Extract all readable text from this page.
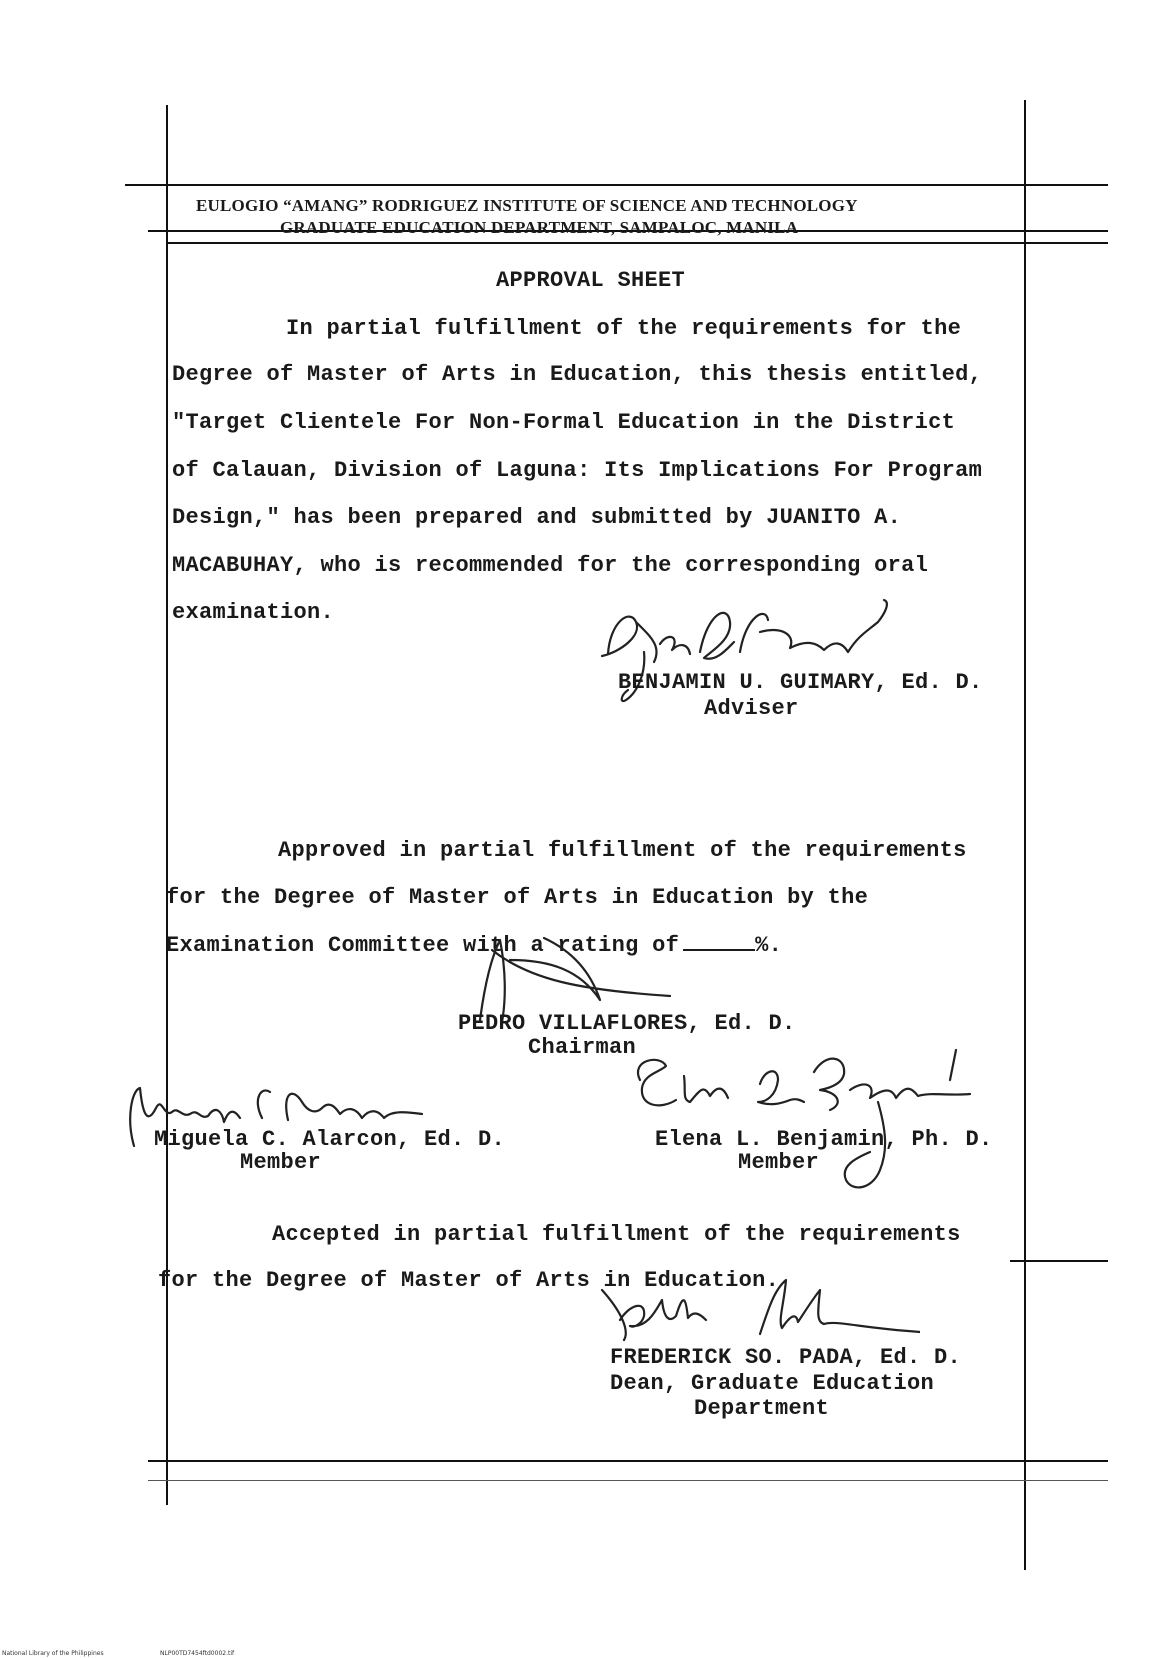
EULOGIO “AMANG” RODRIGUEZ INSTITUTE OF SCIENCE AND TECHNOLOGY
GRADUATE EDUCATION DEPARTMENT, SAMPALOC, MANILA
APPROVAL SHEET
In partial fulfillment of the requirements for the
Degree of Master of Arts in Education, this thesis entitled,
"Target Clientele For Non-Formal Education in the District
of Calauan, Division of Laguna: Its Implications For Program
Design," has been prepared and submitted by JUANITO A.
MACABUHAY, who is recommended for the corresponding oral
examination.
BENJAMIN U. GUIMARY, Ed. D.
Adviser
Approved in partial fulfillment of the requirements
for the Degree of Master of Arts in Education by the
Examination Committee with a rating of	%.
PEDRO VILLAFLORES, Ed. D.
Chairman
Miguela C. Alarcon, Ed. D.
Member
Elena L. Benjamin, Ph. D.
Member
Accepted in partial fulfillment of the requirements
for the Degree of Master of Arts in Education.
FREDERICK SO. PADA, Ed. D.
Dean, Graduate Education
Department
National Library of the Philippines	NLP00TD7454ftd0002.tif
